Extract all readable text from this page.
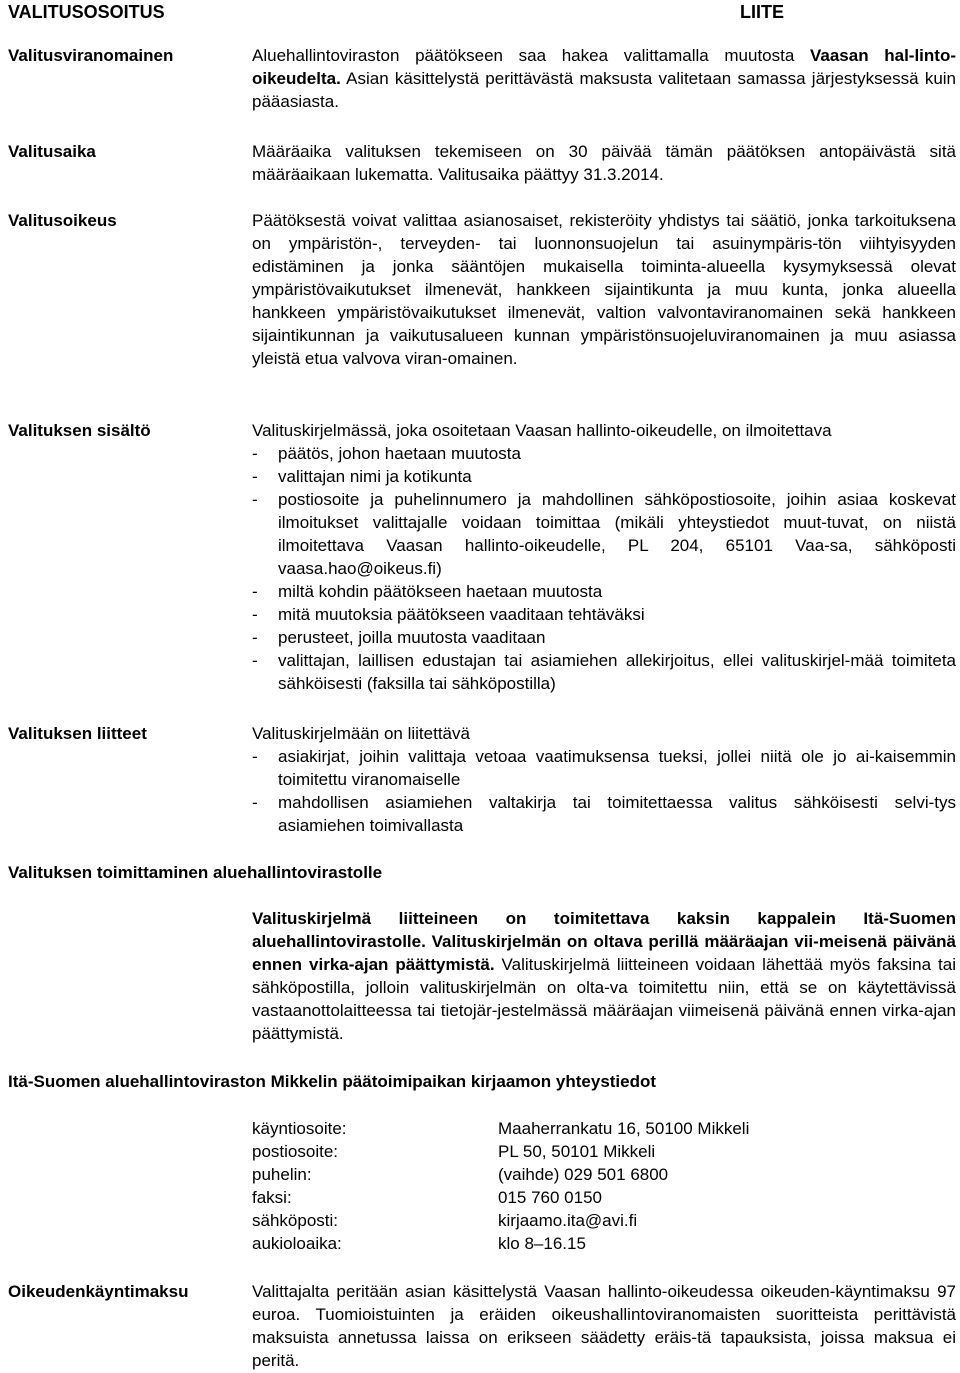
VALITUSOSOITUS	LIITE
Valitusviranomainen	Aluehallintoviraston päätökseen saa hakea valittamalla muutosta Vaasan hal-linto-oikeudelta. Asian käsittelystä perittävästä maksusta valitetaan samassa järjestyksessä kuin pääasiasta.
Valitusaika	Määräaika valituksen tekemiseen on 30 päivää tämän päätöksen antopäivästä sitä määräaikaan lukematta. Valitusaika päättyy 31.3.2014.
Valitusoikeus	Päätöksestä voivat valittaa asianosaiset, rekisteröity yhdistys tai säätiö, jonka tarkoituksena on ympäristön-, terveyden- tai luonnonsuojelun tai asuinympäris-tön viihtyisyyden edistäminen ja jonka sääntöjen mukaisella toiminta-alueella kysymyksessä olevat ympäristövaikutukset ilmenevät, hankkeen sijaintikunta ja muu kunta, jonka alueella hankkeen ympäristövaikutukset ilmenevät, valtion valvontaviranomainen sekä hankkeen sijaintikunnan ja vaikutusalueen kunnan ympäristönsuojeluviranomainen ja muu asiassa yleistä etua valvova viran-omainen.
Valituksen sisältö	Valituskirjelmässä, joka osoitetaan Vaasan hallinto-oikeudelle, on ilmoitettava

- päätös, johon haetaan muutosta
- valittajan nimi ja kotikunta
- postiosoite ja puhelinnumero ja mahdollinen sähköpostiosoite, joihin asiaa koskevat ilmoitukset valittajalle voidaan toimittaa (mikäli yhteystiedot muut-tuvat, on niistä ilmoitettava Vaasan hallinto-oikeudelle, PL 204, 65101 Vaa-sa, sähköposti vaasa.hao@oikeus.fi)
- miltä kohdin päätökseen haetaan muutosta
- mitä muutoksia päätökseen vaaditaan tehtäväksi
- perusteet, joilla muutosta vaaditaan
- valittajan, laillisen edustajan tai asiamiehen allekirjoitus, ellei valituskirjel-mää toimiteta sähköisesti (faksilla tai sähköpostilla)
Valituksen liitteet	Valituskirjelmään on liitettävä

- asiakirjat, joihin valittaja vetoaa vaatimuksensa tueksi, jollei niitä ole jo ai-kaisemmin toimitettu viranomaiselle
- mahdollisen asiamiehen valtakirja tai toimitettaessa valitus sähköisesti selvi-tys asiamiehen toimivallasta
Valituksen toimittaminen aluehallintovirastolle
Valituskirjelmä liitteineen on toimitettava kaksin kappalein Itä-Suomen aluehallintovirastolle. Valituskirjelmän on oltava perillä määräajan vii-meisenä päivänä ennen virka-ajan päättymistä. Valituskirjelmä liitteineen voidaan lähettää myös faksina tai sähköpostilla, jolloin valituskirjelmän on olta-va toimitettu niin, että se on käytettävissä vastaanottolaitteessa tai tietojär-jestelmässä määräajan viimeisenä päivänä ennen virka-ajan päättymistä.
Itä-Suomen aluehallintoviraston Mikkelin päätoimipaikan kirjaamon yhteystiedot
käyntiosoite:	Maaherrankatu 16, 50100 Mikkeli
postiosoite:	PL 50, 50101 Mikkeli
puhelin:	(vaihde) 029 501 6800
faksi:	015 760 0150
sähköposti:	kirjaamo.ita@avi.fi
aukioloaika:	klo 8–16.15
Oikeudenkäyntimaksu	Valittajalta peritään asian käsittelystä Vaasan hallinto-oikeudessa oikeuden-käyntimaksu 97 euroa. Tuomioistuinten ja eräiden oikeushallintoviranomaisten suoritteista perittävistä maksuista annetussa laissa on erikseen säädetty eräis-tä tapauksista, joissa maksua ei peritä.
